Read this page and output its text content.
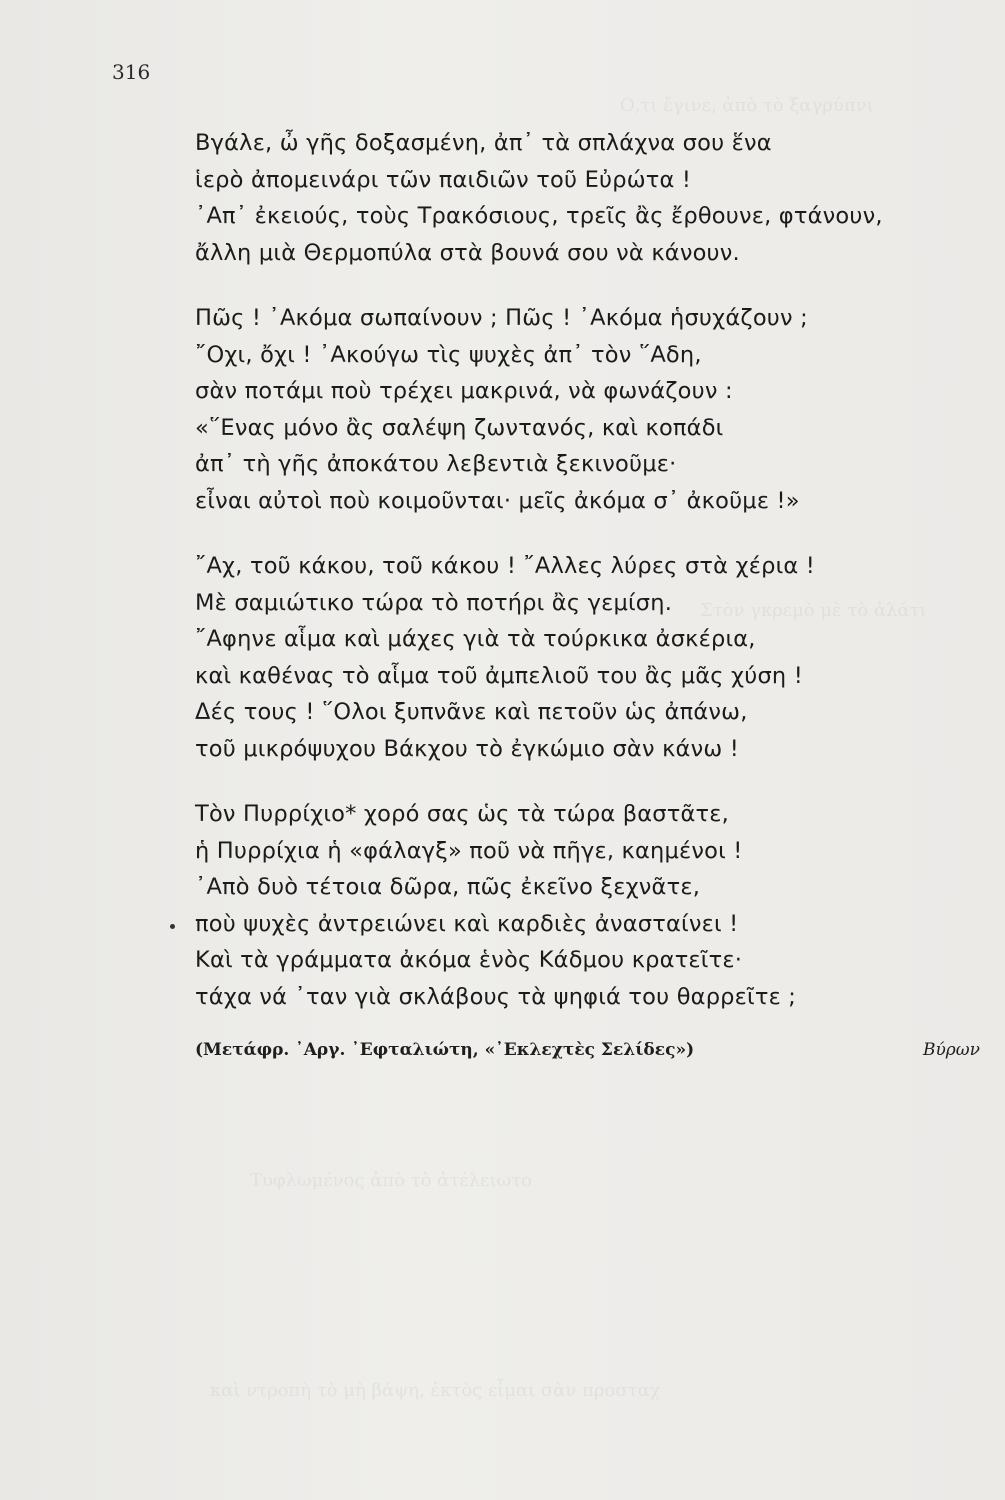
Ο,τι ἔγινε, ἀπὸ τὸ ξαγρύπνι
Στὸν γκρεμὸ μὲ τὸ ἀλάτι
Τυφλωμένος ἀπὸ τὸ ἀτέλειωτο
καὶ ντροπὴ τὸ μὴ βάψη, ἐκτὸς εἶμαι σὰν προσταχ
316
Βγάλε, ὦ γῆς δοξασμένη, ἀπ᾽ τὰ σπλάχνα σου ἕνα
ἱερὸ ἀπομεινάρι τῶν παιδιῶν τοῦ Εὐρώτα !
᾽Απ᾽ ἐκειούς, τοὺς Τρακόσιους, τρεῖς ἂς ἔρθουνε, φτάνουν,
ἄλλη μιὰ Θερμοπύλα στὰ βουνά σου νὰ κάνουν.
Πῶς ! ᾽Ακόμα σωπαίνουν ; Πῶς ! ᾽Ακόμα ἡσυχάζουν ;
῎Οχι, ὄχι ! ᾽Ακούγω τὶς ψυχὲς ἀπ᾽ τὸν ῞Αδη,
σὰν ποτάμι ποὺ τρέχει μακρινά, νὰ φωνάζουν :
«῞Ενας μόνο ἂς σαλέψη ζωντανός, καὶ κοπάδι
ἀπ᾽ τὴ γῆς ἀποκάτου λεβεντιὰ ξεκινοῦμε·
εἶναι αὐτοὶ ποὺ κοιμοῦνται· μεῖς ἀκόμα σ᾽ ἀκοῦμε !»
῎Αχ, τοῦ κάκου, τοῦ κάκου ! ῎Αλλες λύρες στὰ χέρια !
Μὲ σαμιώτικο τώρα τὸ ποτήρι ἂς γεμίση.
῎Αφηνε αἷμα καὶ μάχες γιὰ τὰ τούρκικα ἀσκέρια,
καὶ καθένας τὸ αἷμα τοῦ ἀμπελιοῦ του ἂς μᾶς χύση !
Δές τους ! ῞Ολοι ξυπνᾶνε καὶ πετοῦν ὡς ἀπάνω,
τοῦ μικρόψυχου Βάκχου τὸ ἐγκώμιο σὰν κάνω !
Τὸν Πυρρίχιο* χορό σας ὡς τὰ τώρα βαστᾶτε,
ἡ Πυρρίχια ἡ «φάλαγξ» ποῦ νὰ πῆγε, καημένοι !
᾽Απὸ δυὸ τέτοια δῶρα, πῶς ἐκεῖνο ξεχνᾶτε,
ποὺ ψυχὲς ἀντρειώνει καὶ καρδιὲς ἀνασταίνει !
Καὶ τὰ γράμματα ἀκόμα ἑνὸς Κάδμου κρατεῖτε·
τάχα νά ᾽ταν γιὰ σκλάβους τὰ ψηφιά του θαρρεῖτε ;
(Μετάφρ. ᾽Αργ. ᾽Εφταλιώτη, «᾽Εκλεχτὲς Σελίδες»)	Βύρων
